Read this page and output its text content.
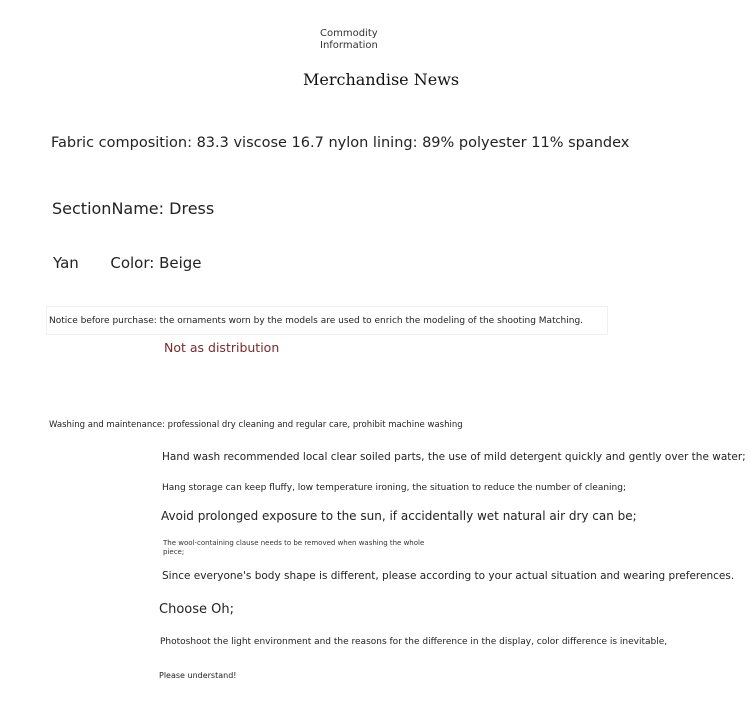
Commodity
Information
Merchandise News
Fabric composition: 83.3 viscose 16.7 nylon lining: 89% polyester 11% spandex
SectionName: Dress
Yan Color: Beige
Notice before purchase: the ornaments worn by the models are used to enrich the modeling of the shooting Matching.
Not as distribution
Washing and maintenance: professional dry cleaning and regular care, prohibit machine washing
Hand wash recommended local clear soiled parts, the use of mild detergent quickly and gently over the water;
Hang storage can keep fluffy, low temperature ironing, the situation to reduce the number of cleaning;
Avoid prolonged exposure to the sun, if accidentally wet natural air dry can be;
The wool-containing clause needs to be removed when washing the whole
piece;
Since everyone's body shape is different, please according to your actual situation and wearing preferences.
Choose Oh;
Photoshoot the light environment and the reasons for the difference in the display, color difference is inevitable,
Please understand!
